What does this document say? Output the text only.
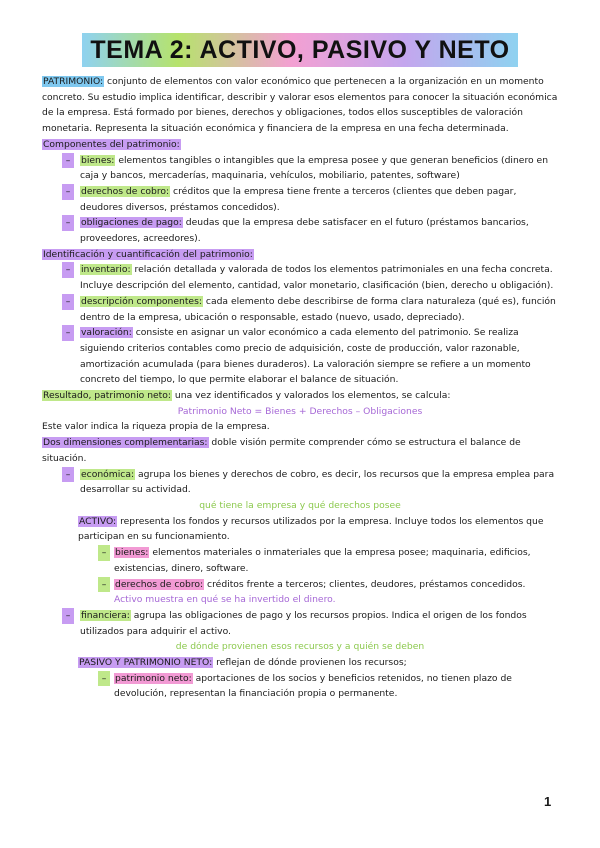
TEMA 2: ACTIVO, PASIVO Y NETO

PATRIMONIO: conjunto de elementos con valor económico que pertenecen a la organización en un momento concreto. Su estudio implica identificar, describir y valorar esos elementos para conocer la situación económica de la empresa. Está formado por bienes, derechos y obligaciones, todos ellos susceptibles de valoración monetaria. Representa la situación económica y financiera de la empresa en una fecha determinada.

Componentes del patrimonio:

–	bienes: elementos tangibles o intangibles que la empresa posee y que generan beneficios (dinero en caja y bancos, mercaderías, maquinaria, vehículos, mobiliario, patentes, software)

–	derechos de cobro: créditos que la empresa tiene frente a terceros (clientes que deben pagar, deudores diversos, préstamos concedidos).

–	obligaciones de pago: deudas que la empresa debe satisfacer en el futuro (préstamos bancarios, proveedores, acreedores).

Identificación y cuantificación del patrimonio:

–	inventario: relación detallada y valorada de todos los elementos patrimoniales en una fecha concreta. Incluye descripción del elemento, cantidad, valor monetario, clasificación (bien, derecho u obligación).

–	descripción componentes: cada elemento debe describirse de forma clara naturaleza (qué es), función dentro de la empresa, ubicación o responsable, estado (nuevo, usado, depreciado).

–	valoración: consiste en asignar un valor económico a cada elemento del patrimonio. Se realiza siguiendo criterios contables como precio de adquisición, coste de producción, valor razonable, amortización acumulada (para bienes duraderos). La valoración siempre se refiere a un momento concreto del tiempo, lo que permite elaborar el balance de situación.

Resultado, patrimonio neto: una vez identificados y valorados los elementos, se calcula:

Patrimonio Neto = Bienes + Derechos – Obligaciones

Este valor indica la riqueza propia de la empresa.

Dos dimensiones complementarias: doble visión permite comprender cómo se estructura el balance de situación.

–	económica: agrupa los bienes y derechos de cobro, es decir, los recursos que la empresa emplea para desarrollar su actividad.

qué tiene la empresa y qué derechos posee

ACTIVO: representa los fondos y recursos utilizados por la empresa. Incluye todos los elementos que participan en su funcionamiento.

– bienes: elementos materiales o inmateriales que la empresa posee; maquinaria, edificios, existencias, dinero, software.

– derechos de cobro: créditos frente a terceros; clientes, deudores, préstamos concedidos.

Activo muestra en qué se ha invertido el dinero.

–	financiera: agrupa las obligaciones de pago y los recursos propios. Indica el origen de los fondos utilizados para adquirir el activo.

de dónde provienen esos recursos y a quién se deben

PASIVO Y PATRIMONIO NETO: reflejan de dónde provienen los recursos;

– patrimonio neto: aportaciones de los socios y beneficios retenidos, no tienen plazo de devolución, representan la financiación propia o permanente.

1
